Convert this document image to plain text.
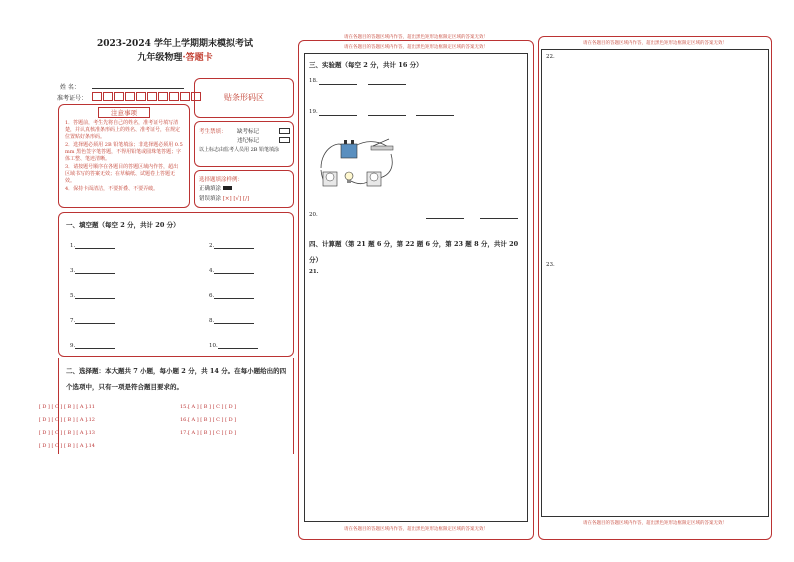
2023-2024 学年上学期期末模拟考试
九年级物理·答题卡
姓 名：
准考证号：	贴条形码区
注意事项
1．答题前，考生先将自己的姓名，准考证号填写清楚，并认真核准条形码上的姓名、准考证号，在规定位置贴好条形码。
2．选择题必须用 2B 铅笔填涂；非选择题必须用 0.5 mm 黑色签字笔答题，不得用铅笔或圆珠笔答题；字体工整、笔迹清晰。
3．请按题号顺序在各题目的答题区域内作答，超出区域书写的答案无效；在草稿纸、试题卷上答题无效。
4．保持卡面清洁，不要折叠、不要弄破。
考生禁填： 缺考标记
违纪标记
以上标志由监考人员用 2B 铅笔填涂
选择题填涂样例：
正确填涂
错误填涂 [×] [√] [/]
一、填空题（每空 2 分，共计 20 分）
1.	2.
3.	4.
5.	6.
7.	8.
9.	10.
二、选择题：本大题共 7 小题，每小题 2 分，共 14 分。在每小题给出的四个选项中，只有一项是符合题目要求的。
11.[ A ] [ B ] [ C ] [ D ]
12.[ A ] [ B ] [ C ] [ D ]
13.[ A ] [ B ] [ C ] [ D ]
14.[ A ] [ B ] [ C ] [ D ]
15.[ A ] [ B ] [ C ] [ D ]
16.[ A ] [ B ] [ C ] [ D ]
17.[ A ] [ B ] [ C ] [ D ]
请在各题目的答题区域内作答，超出黑色矩形边框限定区域的答案无效！
请在各题目的答题区域内作答，超出黑色矩形边框限定区域的答案无效！
三、实验题（每空 2 分，共计 16 分）
18.
19.
20.
四、计算题（第 21 题 6 分，第 22 题 6 分，第 23 题 8 分，共计 20 分）
21.
请在各题目的答题区域内作答，超出黑色矩形边框限定区域的答案无效！
请在各题目的答题区域内作答，超出黑色矩形边框限定区域的答案无效！
22.
23.
请在各题目的答题区域内作答，超出黑色矩形边框限定区域的答案无效！
